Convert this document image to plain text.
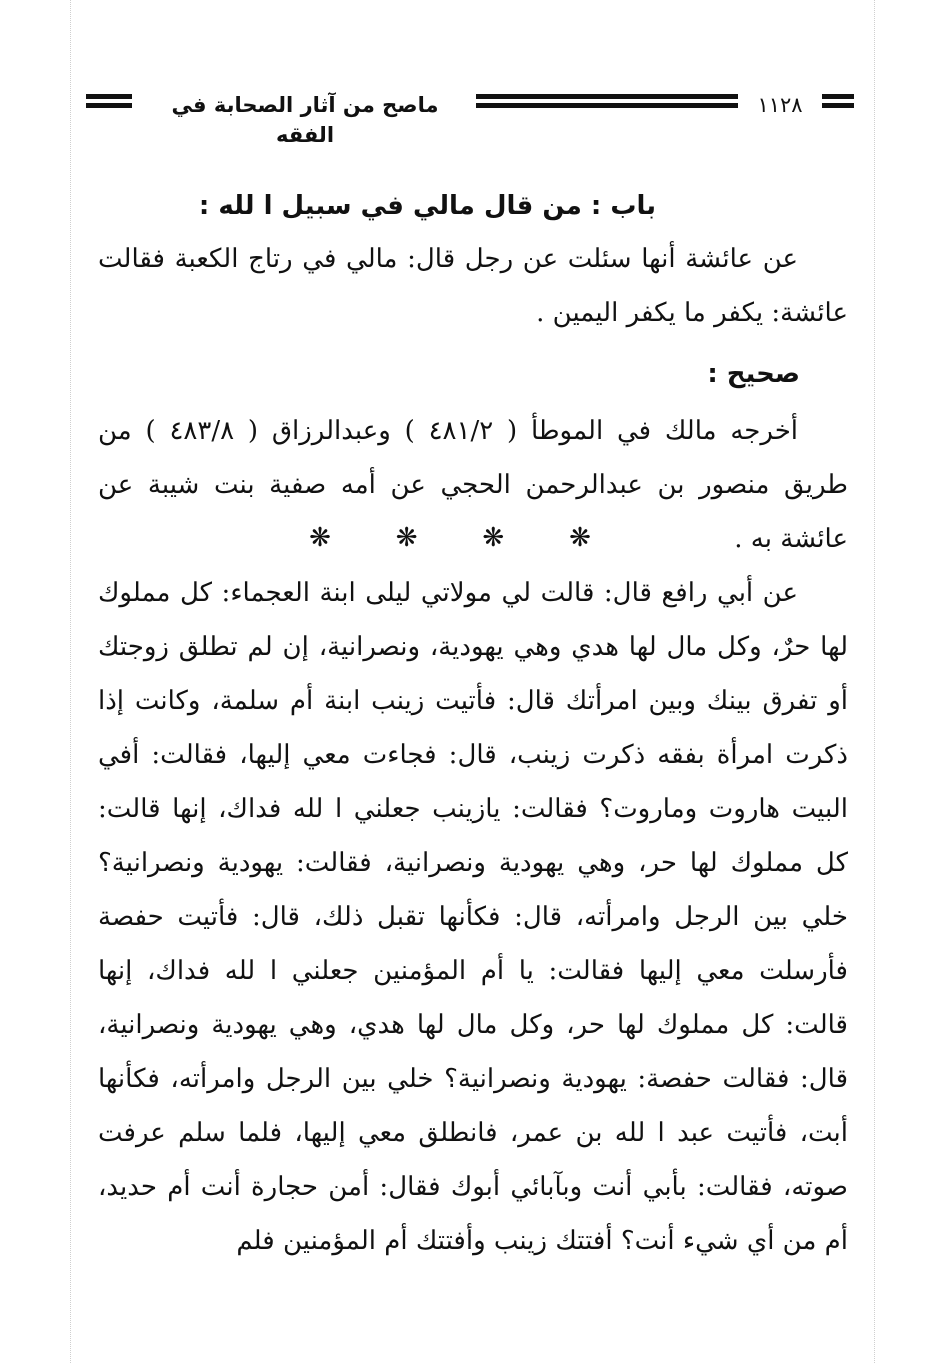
ماصح من آثار الصحابة في الفقه
١١٢٨
باب : من قال مالي في سبيل ا لله :
عن عائشة أنها سئلت عن رجل قال: مالي في رتاج الكعبة فقالت عائشة: يكفر ما يكفر اليمين .
صحيح :
أخرجه مالك في الموطأ ( ٤٨١/٢ ) وعبدالرزاق ( ٤٨٣/٨ ) من طريق منصور بن عبدالرحمن الحجي عن أمه صفية بنت شيبة عن عائشة به .
❋	❋	❋	❋
عن أبي رافع قال: قالت لي مولاتي ليلى ابنة العجماء: كل مملوك لها حرٌ، وكل مال لها هدي وهي يهودية، ونصرانية، إن لم تطلق زوجتك أو تفرق بينك وبين امرأتك قال: فأتيت زينب ابنة أم سلمة، وكانت إذا ذكرت امرأة بفقه ذكرت زينب، قال: فجاءت معي إليها، فقالت: أفي البيت هاروت وماروت؟ فقالت: يازينب جعلني ا لله فداك، إنها قالت: كل مملوك لها حر، وهي يهودية ونصرانية، فقالت: يهودية ونصرانية؟ خلي بين الرجل وامرأته، قال: فكأنها تقبل ذلك، قال: فأتيت حفصة فأرسلت معي إليها فقالت: يا أم المؤمنين جعلني ا لله فداك، إنها قالت: كل مملوك لها حر، وكل مال لها هدي، وهي يهودية ونصرانية، قال: فقالت حفصة: يهودية ونصرانية؟ خلي بين الرجل وامرأته، فكأنها أبت، فأتيت عبد ا لله بن عمر، فانطلق معي إليها، فلما سلم عرفت صوته، فقالت: بأبي أنت وبآبائي أبوك فقال: أمن حجارة أنت أم حديد، أم من أي شيء أنت؟ أفتتك زينب وأفتتك أم المؤمنين فلم
